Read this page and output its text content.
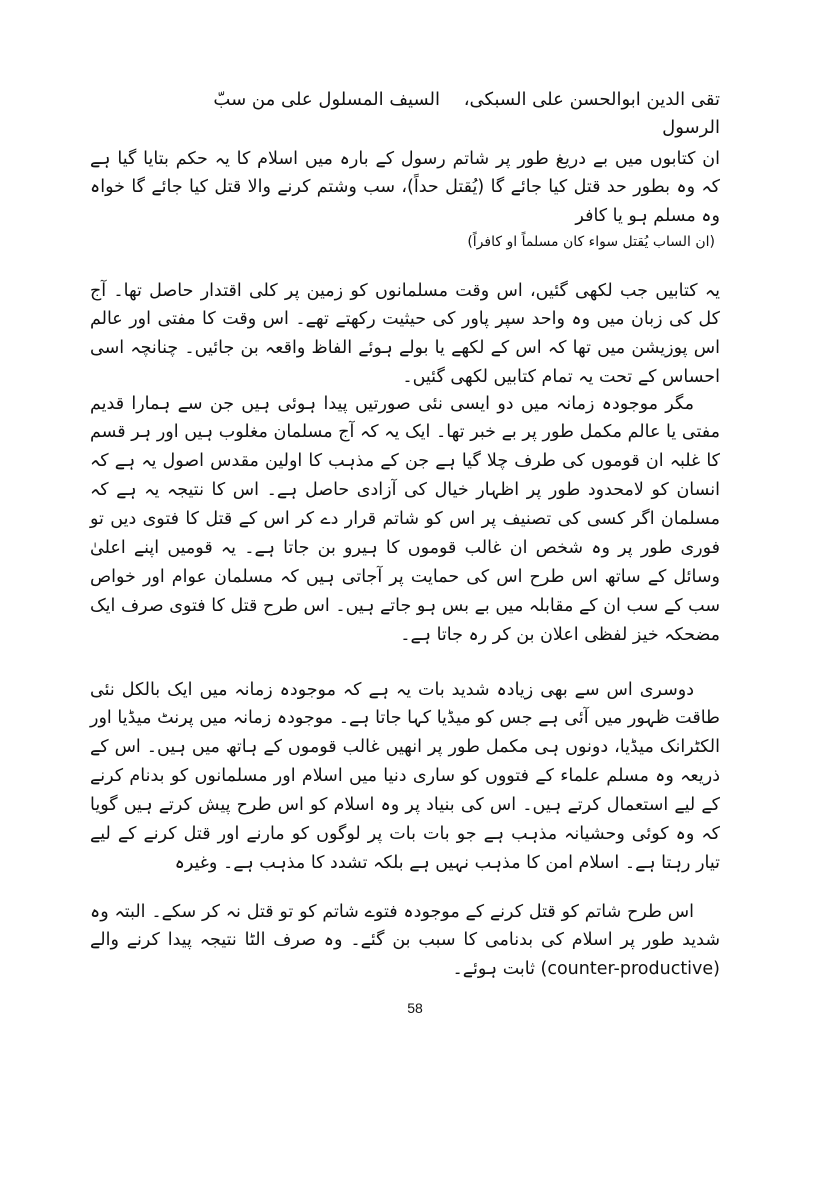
تقی الدین ابوالحسن علی السبکی، السیف المسلول علی من سبّ الرسول

ان کتابوں میں بے دریغ طور پر شاتم رسول کے بارہ میں اسلام کا یہ حکم بتایا گیا ہے کہ وہ بطور حد قتل کیا جائے گا (یُقتل حداً)، سب وشتم کرنے والا قتل کیا جائے گا خواہ وہ مسلم ہو یا کافر

(ان الساب یُقتل سواء کان مسلماً او کافراً)

یہ کتابیں جب لکھی گئیں، اس وقت مسلمانوں کو زمین پر کلی اقتدار حاصل تھا۔ آج کل کی زبان میں وہ واحد سپر پاور کی حیثیت رکھتے تھے۔ اس وقت کا مفتی اور عالم اس پوزیشن میں تھا کہ اس کے لکھے یا بولے ہوئے الفاظ واقعہ بن جائیں۔ چنانچہ اسی احساس کے تحت یہ تمام کتابیں لکھی گئیں۔

مگر موجودہ زمانہ میں دو ایسی نئی صورتیں پیدا ہوئی ہیں جن سے ہمارا قدیم مفتی یا عالم مکمل طور پر بے خبر تھا۔ ایک یہ کہ آج مسلمان مغلوب ہیں اور ہر قسم کا غلبہ ان قوموں کی طرف چلا گیا ہے جن کے مذہب کا اولین مقدس اصول یہ ہے کہ انسان کو لامحدود طور پر اظہار خیال کی آزادی حاصل ہے۔ اس کا نتیجہ یہ ہے کہ مسلمان اگر کسی کی تصنیف پر اس کو شاتم قرار دے کر اس کے قتل کا فتوی دیں تو فوری طور پر وہ شخص ان غالب قوموں کا ہیرو بن جاتا ہے۔ یہ قومیں اپنے اعلیٰ وسائل کے ساتھ اس طرح اس کی حمایت پر آجاتی ہیں کہ مسلمان عوام اور خواص سب کے سب ان کے مقابلہ میں بے بس ہو جاتے ہیں۔ اس طرح قتل کا فتوی صرف ایک مضحکہ خیز لفظی اعلان بن کر رہ جاتا ہے۔

دوسری اس سے بھی زیادہ شدید بات یہ ہے کہ موجودہ زمانہ میں ایک بالکل نئی طاقت ظہور میں آئی ہے جس کو میڈیا کہا جاتا ہے۔ موجودہ زمانہ میں پرنٹ میڈیا اور الکٹرانک میڈیا، دونوں ہی مکمل طور پر انھیں غالب قوموں کے ہاتھ میں ہیں۔ اس کے ذریعہ وہ مسلم علماء کے فتووں کو ساری دنیا میں اسلام اور مسلمانوں کو بدنام کرنے کے لیے استعمال کرتے ہیں۔ اس کی بنیاد پر وہ اسلام کو اس طرح پیش کرتے ہیں گویا کہ وہ کوئی وحشیانہ مذہب ہے جو بات بات پر لوگوں کو مارنے اور قتل کرنے کے لیے تیار رہتا ہے۔ اسلام امن کا مذہب نہیں ہے بلکہ تشدد کا مذہب ہے۔ وغیرہ

اس طرح شاتم کو قتل کرنے کے موجودہ فتوے شاتم کو تو قتل نہ کر سکے۔ البتہ وہ شدید طور پر اسلام کی بدنامی کا سبب بن گئے۔ وہ صرف الٹا نتیجہ پیدا کرنے والے (counter-productive) ثابت ہوئے۔

58
